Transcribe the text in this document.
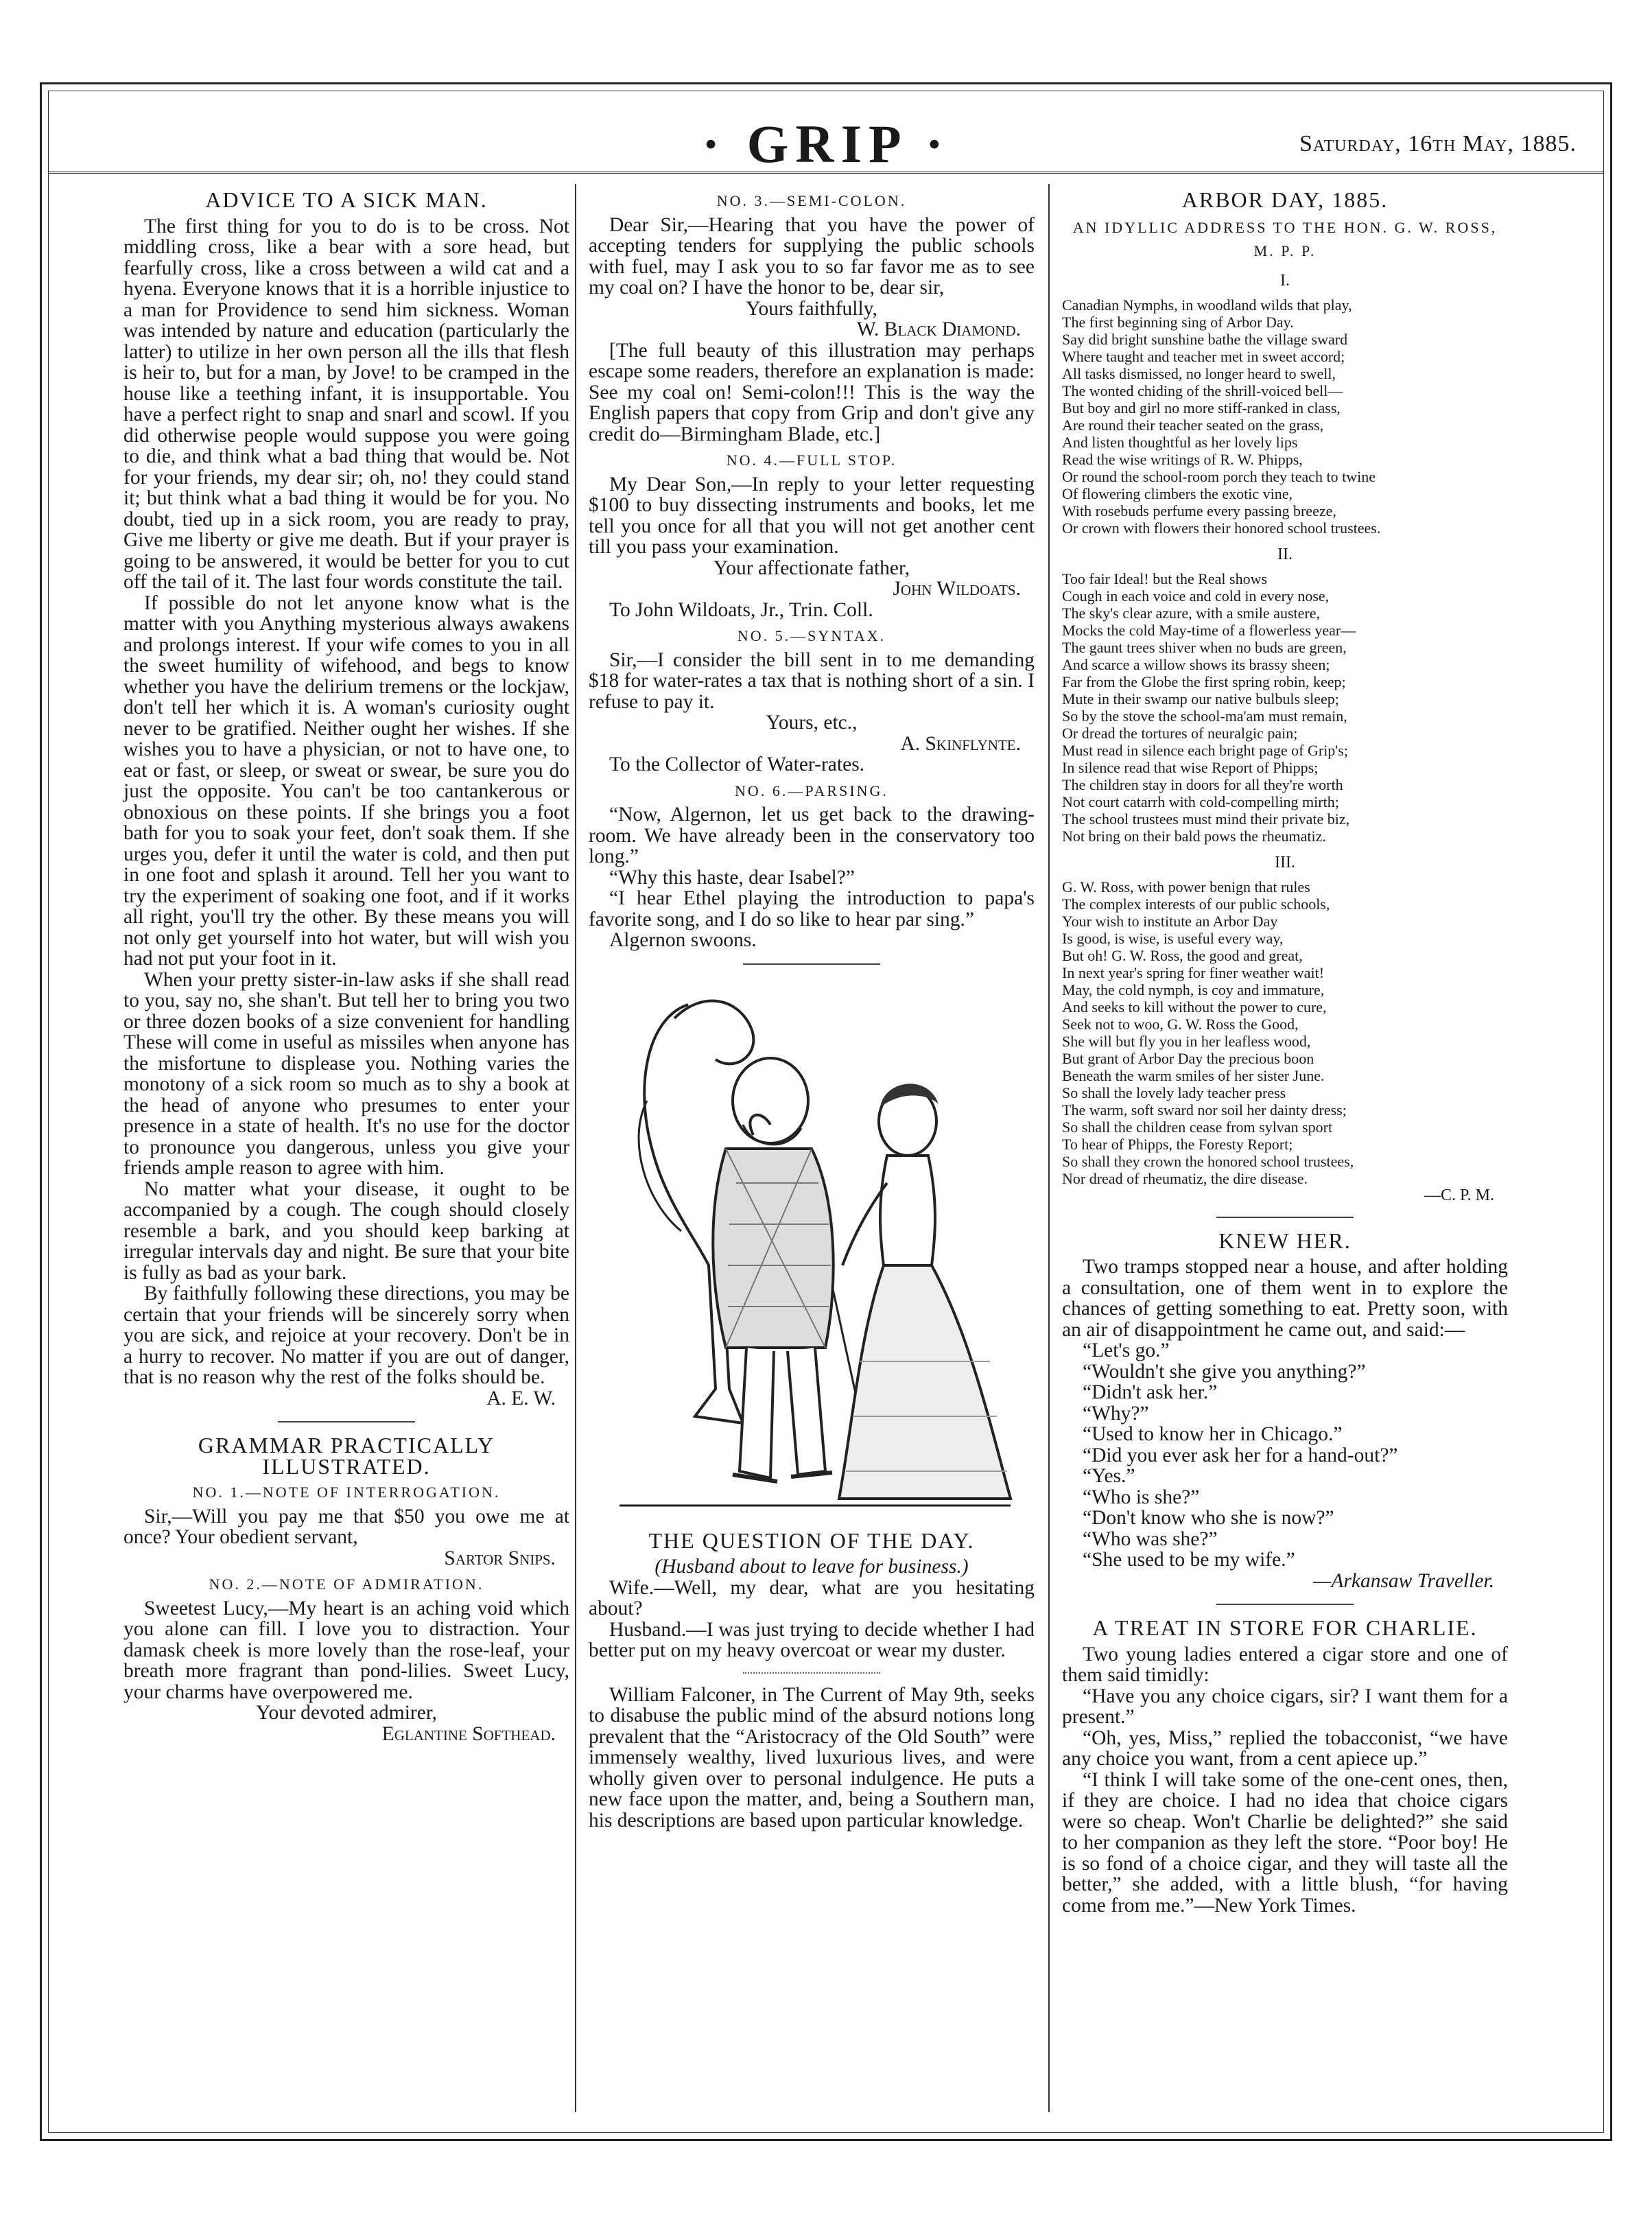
· GRIP ·	Saturday, 16th May, 1885.
ADVICE TO A SICK MAN.

The first thing for you to do is to be cross. Not middling cross, like a bear with a sore head, but fearfully cross, like a cross between a wild cat and a hyena. Everyone knows that it is a horrible injustice to a man for Providence to send him sickness. Woman was intended by nature and education (particularly the latter) to utilize in her own person all the ills that flesh is heir to, but for a man, by Jove! to be cramped in the house like a teething infant, it is insupportable. You have a perfect right to snap and snarl and scowl. If you did otherwise people would suppose you were going to die, and think what a bad thing that would be. Not for your friends, my dear sir; oh, no! they could stand it; but think what a bad thing it would be for you. No doubt, tied up in a sick room, you are ready to pray, Give me liberty or give me death. But if your prayer is going to be answered, it would be better for you to cut off the tail of it. The last four words constitute the tail.

If possible do not let anyone know what is the matter with you Anything mysterious always awakens and prolongs interest. If your wife comes to you in all the sweet humility of wifehood, and begs to know whether you have the delirium tremens or the lockjaw, don't tell her which it is. A woman's curiosity ought never to be gratified. Neither ought her wishes. If she wishes you to have a physician, or not to have one, to eat or fast, or sleep, or sweat or swear, be sure you do just the opposite. You can't be too cantankerous or obnoxious on these points. If she brings you a foot bath for you to soak your feet, don't soak them. If she urges you, defer it until the water is cold, and then put in one foot and splash it around. Tell her you want to try the experiment of soaking one foot, and if it works all right, you'll try the other. By these means you will not only get yourself into hot water, but will wish you had not put your foot in it.

When your pretty sister-in-law asks if she shall read to you, say no, she shan't. But tell her to bring you two or three dozen books of a size convenient for handling These will come in useful as missiles when anyone has the misfortune to displease you. Nothing varies the monotony of a sick room so much as to shy a book at the head of anyone who presumes to enter your presence in a state of health. It's no use for the doctor to pronounce you dangerous, unless you give your friends ample reason to agree with him.

No matter what your disease, it ought to be accompanied by a cough. The cough should closely resemble a bark, and you should keep barking at irregular intervals day and night. Be sure that your bite is fully as bad as your bark.

By faithfully following these directions, you may be certain that your friends will be sincerely sorry when you are sick, and rejoice at your recovery. Don't be in a hurry to recover. No matter if you are out of danger, that is no reason why the rest of the folks should be.

A. E. W.
GRAMMAR PRACTICALLY ILLUSTRATED.
NO. 1.—NOTE OF INTERROGATION.

Sir,—Will you pay me that $50 you owe me at once? Your obedient servant,

Sartor Snips.
NO. 2.—NOTE OF ADMIRATION.

Sweetest Lucy,—My heart is an aching void which you alone can fill. I love you to distraction. Your damask cheek is more lovely than the rose-leaf, your breath more fragrant than pond-lilies. Sweet Lucy, your charms have overpowered me.

Your devoted admirer,
Eglantine Softhead.
NO. 3.—SEMI-COLON.

Dear Sir,—Hearing that you have the power of accepting tenders for supplying the public schools with fuel, may I ask you to so far favor me as to see my coal on? I have the honor to be, dear sir,

Yours faithfully,
W. Black Diamond.

[The full beauty of this illustration may perhaps escape some readers, therefore an explanation is made: See my coal on! Semi-colon!!! This is the way the English papers that copy from Grip and don't give any credit do—Birmingham Blade, etc.]

NO. 4.—FULL STOP.

My Dear Son,—In reply to your letter requesting $100 to buy dissecting instruments and books, let me tell you once for all that you will not get another cent till you pass your examination.

Your affectionate father,
John Wildoats.

To John Wildoats, Jr., Trin. Coll.

NO. 5.—SYNTAX.

Sir,—I consider the bill sent in to me demanding $18 for water-rates a tax that is nothing short of a sin. I refuse to pay it.

Yours, etc.,
A. Skinflynte.

To the Collector of Water-rates.

NO. 6.—PARSING.

“Now, Algernon, let us get back to the drawing-room. We have already been in the conservatory too long.”

“Why this haste, dear Isabel?”

“I hear Ethel playing the introduction to papa's favorite song, and I do so like to hear par sing.”

Algernon swoons.

THE QUESTION OF THE DAY.
(Husband about to leave for business.)

Wife.—Well, my dear, what are you hesitating about?

Husband.—I was just trying to decide whether I had better put on my heavy overcoat or wear my duster.

William Falconer, in The Current of May 9th, seeks to disabuse the public mind of the absurd notions long prevalent that the “Aristocracy of the Old South” were immensely wealthy, lived luxurious lives, and were wholly given over to personal indulgence. He puts a new face upon the matter, and, being a Southern man, his descriptions are based upon particular knowledge.

ARBOR DAY, 1885.
AN IDYLLIC ADDRESS TO THE HON. G. W. ROSS, M. P. P.
I.
Canadian Nymphs, in woodland wilds that play,
The first beginning sing of Arbor Day.
Say did bright sunshine bathe the village sward
Where taught and teacher met in sweet accord;
All tasks dismissed, no longer heard to swell,
The wonted chiding of the shrill-voiced bell—
But boy and girl no more stiff-ranked in class,
Are round their teacher seated on the grass,
And listen thoughtful as her lovely lips
Read the wise writings of R. W. Phipps,
Or round the school-room porch they teach to twine
Of flowering climbers the exotic vine,
With rosebuds perfume every passing breeze,
Or crown with flowers their honored school trustees.
II.
Too fair Ideal! but the Real shows
Cough in each voice and cold in every nose,
The sky's clear azure, with a smile austere,
Mocks the cold May-time of a flowerless year—
The gaunt trees shiver when no buds are green,
And scarce a willow shows its brassy sheen;
Far from the Globe the first spring robin, keep;
Mute in their swamp our native bulbuls sleep;
So by the stove the school-ma'am must remain,
Or dread the tortures of neuralgic pain;
Must read in silence each bright page of Grip's;
In silence read that wise Report of Phipps;
The children stay in doors for all they're worth
Not court catarrh with cold-compelling mirth;
The school trustees must mind their private biz,
Not bring on their bald pows the rheumatiz.
III.
G. W. Ross, with power benign that rules
The complex interests of our public schools,
Your wish to institute an Arbor Day
Is good, is wise, is useful every way,
But oh! G. W. Ross, the good and great,
In next year's spring for finer weather wait!
May, the cold nymph, is coy and immature,
And seeks to kill without the power to cure,
Seek not to woo, G. W. Ross the Good,
She will but fly you in her leafless wood,
But grant of Arbor Day the precious boon
Beneath the warm smiles of her sister June.
So shall the lovely lady teacher press
The warm, soft sward nor soil her dainty dress;
So shall the children cease from sylvan sport
To hear of Phipps, the Foresty Report;
So shall they crown the honored school trustees,
Nor dread of rheumatiz, the dire disease.
—C. P. M.
KNEW HER.

Two tramps stopped near a house, and after holding a consultation, one of them went in to explore the chances of getting something to eat. Pretty soon, with an air of disappointment he came out, and said:—

“Let's go.”
“Wouldn't she give you anything?”
“Didn't ask her.”
“Why?”
“Used to know her in Chicago.”
“Did you ever ask her for a hand-out?”
“Yes.”
“Who is she?”
“Don't know who she is now?”
“Who was she?”
“She used to be my wife.”
—Arkansaw Traveller.
A TREAT IN STORE FOR CHARLIE.

Two young ladies entered a cigar store and one of them said timidly:

“Have you any choice cigars, sir? I want them for a present.”

“Oh, yes, Miss,” replied the tobacconist, “we have any choice you want, from a cent apiece up.”

“I think I will take some of the one-cent ones, then, if they are choice. I had no idea that choice cigars were so cheap. Won't Charlie be delighted?” she said to her companion as they left the store. “Poor boy! He is so fond of a choice cigar, and they will taste all the better,” she added, with a little blush, “for having come from me.”—New York Times.
